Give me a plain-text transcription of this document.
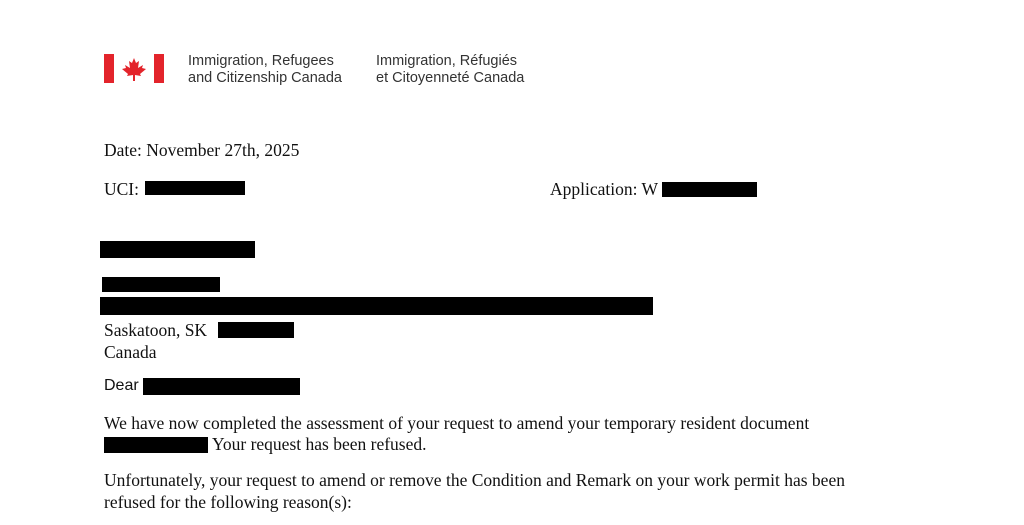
Immigration, Refugees
and Citizenship Canada
Immigration, Réfugiés
et Citoyenneté Canada
Date: November 27th, 2025
UCI:	Application: W
Saskatoon, SK
Canada
Dear
We have now completed the assessment of your request to amend your temporary resident document
Your request has been refused.
Unfortunately, your request to amend or remove the Condition and Remark on your work permit has been
refused for the following reason(s):
